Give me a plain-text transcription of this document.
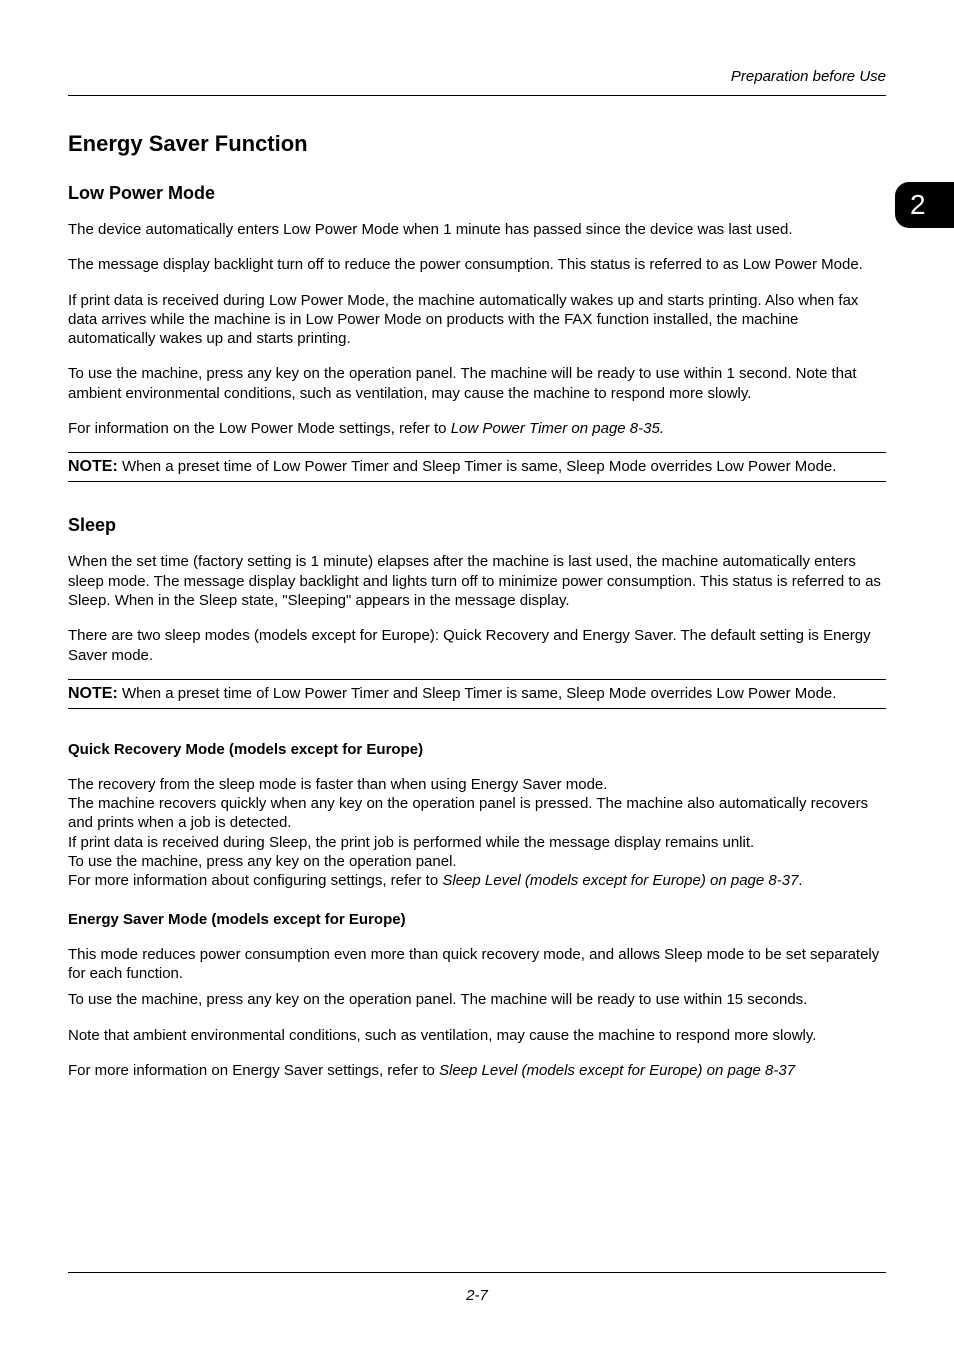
Preparation before Use
2
Energy Saver Function
Low Power Mode

The device automatically enters Low Power Mode when 1 minute has passed since the device was last used.

The message display backlight turn off to reduce the power consumption. This status is referred to as Low Power Mode.

If print data is received during Low Power Mode, the machine automatically wakes up and starts printing. Also when fax data arrives while the machine is in Low Power Mode on products with the FAX function installed, the machine automatically wakes up and starts printing.

To use the machine, press any key on the operation panel. The machine will be ready to use within 1 second. Note that ambient environmental conditions, such as ventilation, may cause the machine to respond more slowly.

For information on the Low Power Mode settings, refer to Low Power Timer on page 8-35.

NOTE: When a preset time of Low Power Timer and Sleep Timer is same, Sleep Mode overrides Low Power Mode.
Sleep

When the set time (factory setting is 1 minute) elapses after the machine is last used, the machine automatically enters sleep mode. The message display backlight and lights turn off to minimize power consumption. This status is referred to as Sleep. When in the Sleep state, "Sleeping" appears in the message display.

There are two sleep modes (models except for Europe): Quick Recovery and Energy Saver. The default setting is Energy Saver mode.

NOTE: When a preset time of Low Power Timer and Sleep Timer is same, Sleep Mode overrides Low Power Mode.
Quick Recovery Mode (models except for Europe)

The recovery from the sleep mode is faster than when using Energy Saver mode.

The machine recovers quickly when any key on the operation panel is pressed. The machine also automatically recovers and prints when a job is detected.

If print data is received during Sleep, the print job is performed while the message display remains unlit.

To use the machine, press any key on the operation panel.

For more information about configuring settings, refer to Sleep Level (models except for Europe) on page 8-37.

Energy Saver Mode (models except for Europe)

This mode reduces power consumption even more than quick recovery mode, and allows Sleep mode to be set separately for each function.

To use the machine, press any key on the operation panel. The machine will be ready to use within 15 seconds.

Note that ambient environmental conditions, such as ventilation, may cause the machine to respond more slowly.

For more information on Energy Saver settings, refer to Sleep Level (models except for Europe) on page 8-37

2-7
